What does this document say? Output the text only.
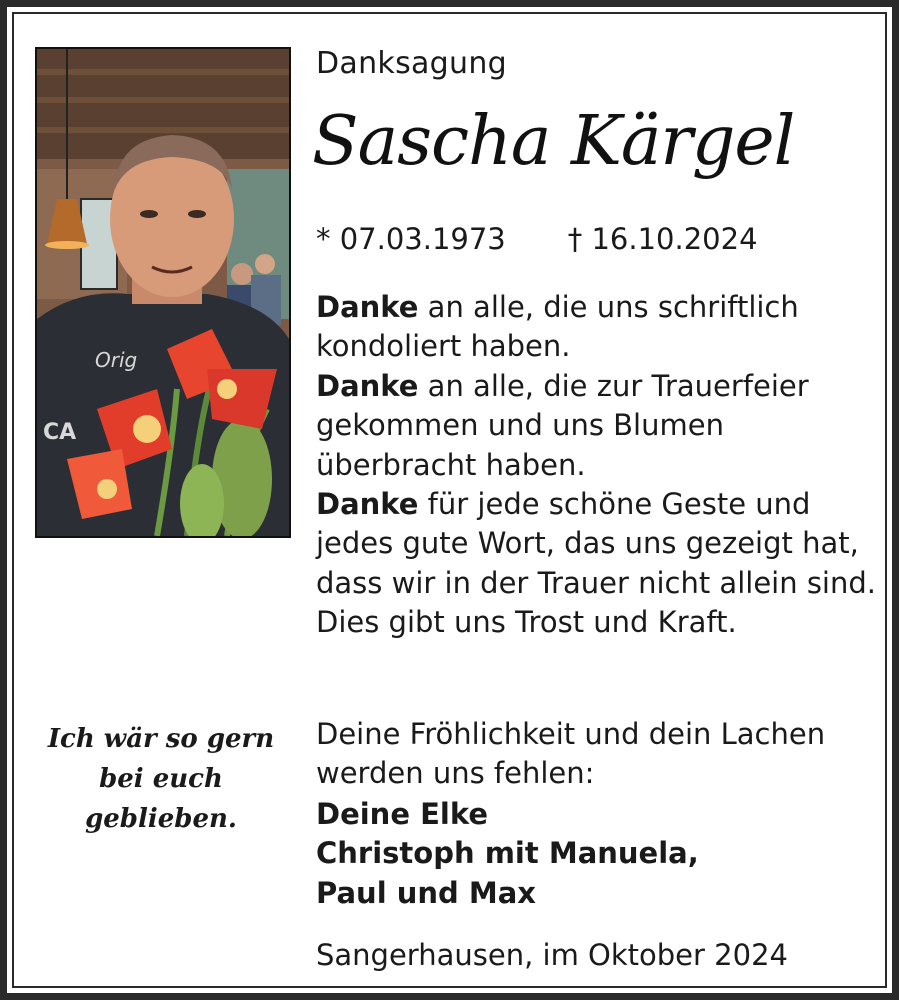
Orig
CA
Danksagung
Sascha Kärgel
* 07.03.1973 † 16.10.2024

Danke an alle, die uns schriftlich kondoliert haben.

Danke an alle, die zur Trauerfeier gekommen und uns Blumen überbracht haben.

Danke für jede schöne Geste und jedes gute Wort, das uns gezeigt hat, dass wir in der Trauer nicht allein sind.

Dies gibt uns Trost und Kraft.

Ich wär so gern
bei euch
geblieben.
Deine Fröhlichkeit und dein Lachen werden uns fehlen:
Deine Elke
Christoph mit Manuela,
Paul und Max
Sangerhausen, im Oktober 2024
